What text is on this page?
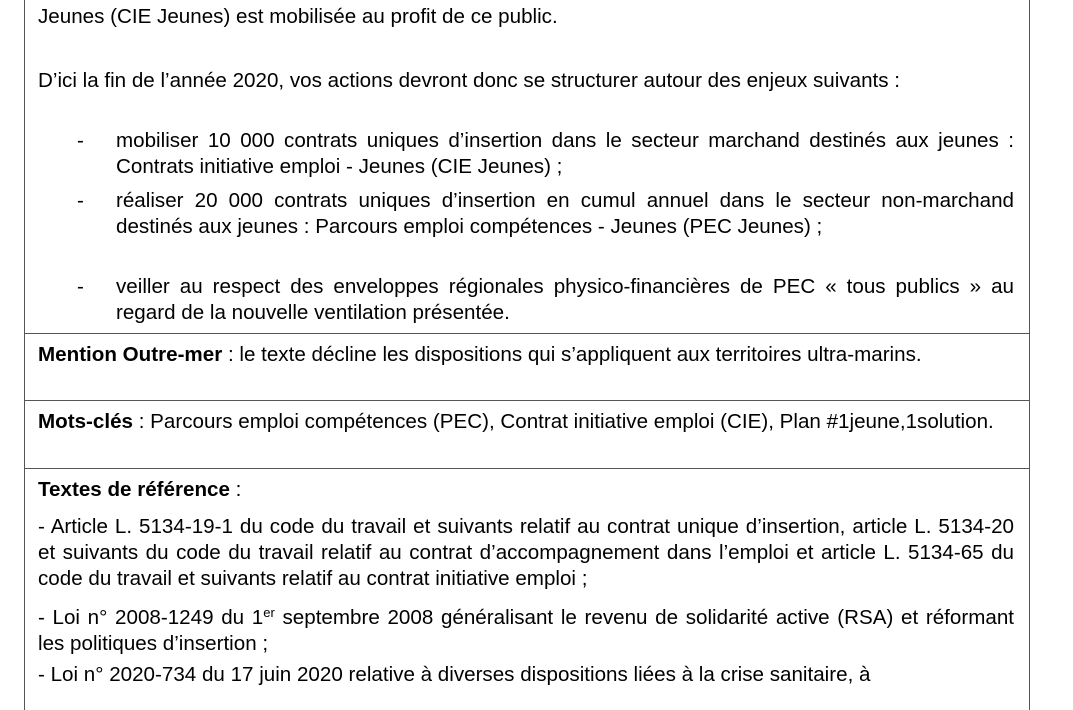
Jeunes (CIE Jeunes) est mobilisée au profit de ce public.

D’ici la fin de l’année 2020, vos actions devront donc se structurer autour des enjeux suivants :

- mobiliser 10 000 contrats uniques d’insertion dans le secteur marchand destinés aux jeunes : Contrats initiative emploi - Jeunes (CIE Jeunes) ;

- réaliser 20 000 contrats uniques d’insertion en cumul annuel dans le secteur non-marchand destinés aux jeunes : Parcours emploi compétences - Jeunes (PEC Jeunes) ;

- veiller au respect des enveloppes régionales physico-financières de PEC « tous publics » au regard de la nouvelle ventilation présentée.

Mention Outre-mer : le texte décline les dispositions qui s’appliquent aux territoires ultra-marins.

Mots-clés : Parcours emploi compétences (PEC), Contrat initiative emploi (CIE), Plan #1jeune,1solution.

Textes de référence :

- Article L. 5134-19-1 du code du travail et suivants relatif au contrat unique d’insertion, article L. 5134-20 et suivants du code du travail relatif au contrat d’accompagnement dans l’emploi et article L. 5134-65 du code du travail et suivants relatif au contrat initiative emploi ;

- Loi n° 2008-1249 du 1er septembre 2008 généralisant le revenu de solidarité active (RSA) et réformant les politiques d’insertion ;

- Loi n° 2020-734 du 17 juin 2020 relative à diverses dispositions liées à la crise sanitaire, à
